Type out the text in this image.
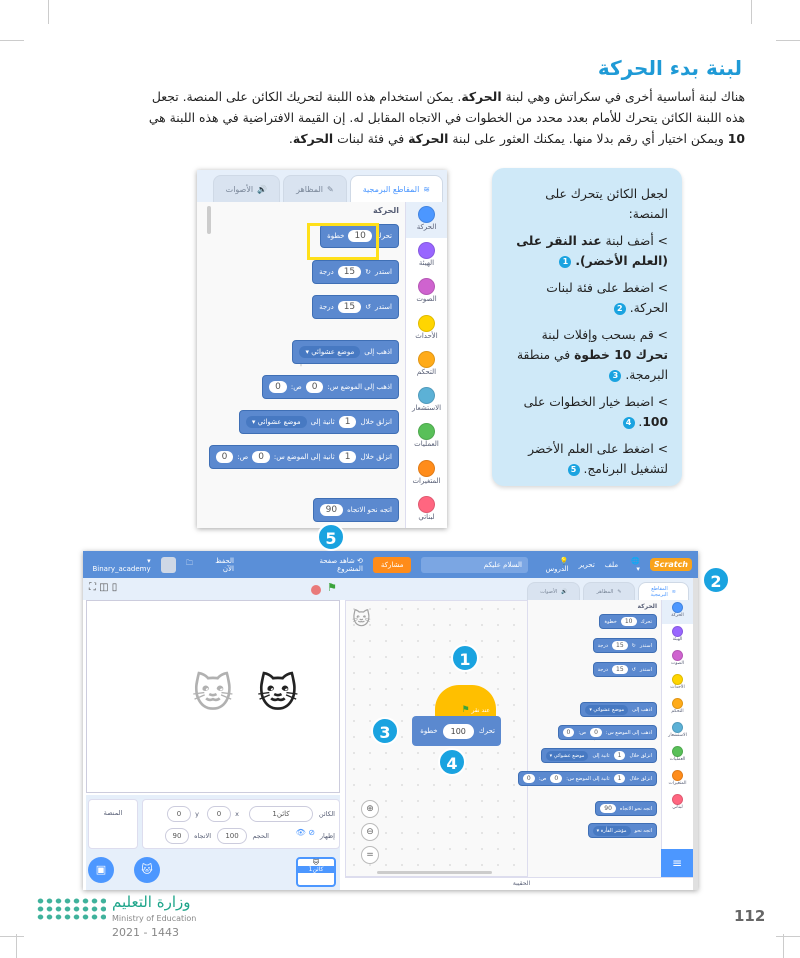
لبنة بدء الحركة

هناك لبنة أساسية أخرى في سكراتش وهي لبنة الحركة. يمكن استخدام هذه اللبنة لتحريك الكائن على المنصة. تجعل هذه اللبنة الكائن يتحرك للأمام بعدد محدد من الخطوات في الاتجاه المقابل له. إن القيمة الافتراضية في هذه اللبنة هي 10 ويمكن اختيار أي رقم بدلا منها. يمكنك العثور على لبنة الحركة في فئة لبنات الحركة.

≋
المقاطع البرمجية
✎
المظاهر
🔊
الأصوات
الحركة
تحرك
10
خطوة
استدر
↻
15
درجة
استدر
↺
15
درجة
اذهب إلى
موضع عشوائي ▾
اذهب إلى الموضع س:
0
ص:
0
انزلق خلال
1
ثانية إلى
موضع عشوائي ▾
انزلق خلال
1
ثانية إلى الموضع س:
0
ص:
0
اتجه نحو الاتجاه
90
الحركة
الهيئة
الصوت
الأحداث
التحكم
الاستشعار
العمليات
المتغيرات
لبناتي
لجعل الكائن يتحرك على المنصة:
> أضف لبنة عند النقر على (العلم الأخضر). 1
> اضغط على فئة لبنات الحركة. 2
> قم بسحب وإفلات لبنة تحرك 10 خطوة في منطقة البرمجة. 3
> اضبط خيار الخطوات على 100. 4
> اضغط على العلم الأخضر لتشغيل البرنامج. 5
Scratch
🌐▾
ملف
تحرير
💡الدروس
السلام عليكم
مشاركة
⟲ شاهد صفحة المشروع
الحفظ الآن
🗀
▾ Binary_academy
⛶ ◫ ▯	⚑
🐱 🐱
الكائن
كائن1
x
0
y
0
إظهار
👁 ⊘
الحجم
100
الاتجاه
90
المنصة
🐱
كائن1
🐱
▣
🐱
عند نقر ⚑
تحرك
100
خطوة
⊕
⊖
=
الحقيبة
≋
المقاطع البرمجية
✎
المظاهر
🔊
الأصوات
الحركة
تحرك
10
خطوة
استدر
↻
15
درجة
استدر
↺
15
درجة
اذهب إلى
موضع عشوائي ▾
اذهب إلى الموضع س:
0
ص:
0
انزلق خلال
1
ثانية إلى
موضع عشوائي ▾
انزلق خلال
1
ثانية إلى الموضع س:
0
ص:
0
اتجه نحو الاتجاه
90
اتجه نحو
مؤشر الفأرة ▾
الحركة
الهيئة
الصوت
الأحداث
التحكم
الاستشعار
العمليات
المتغيرات
لبناتي
≡
1
2
3
4
5
وزارة التعليم
Ministry of Education
2021 - 1443
112
